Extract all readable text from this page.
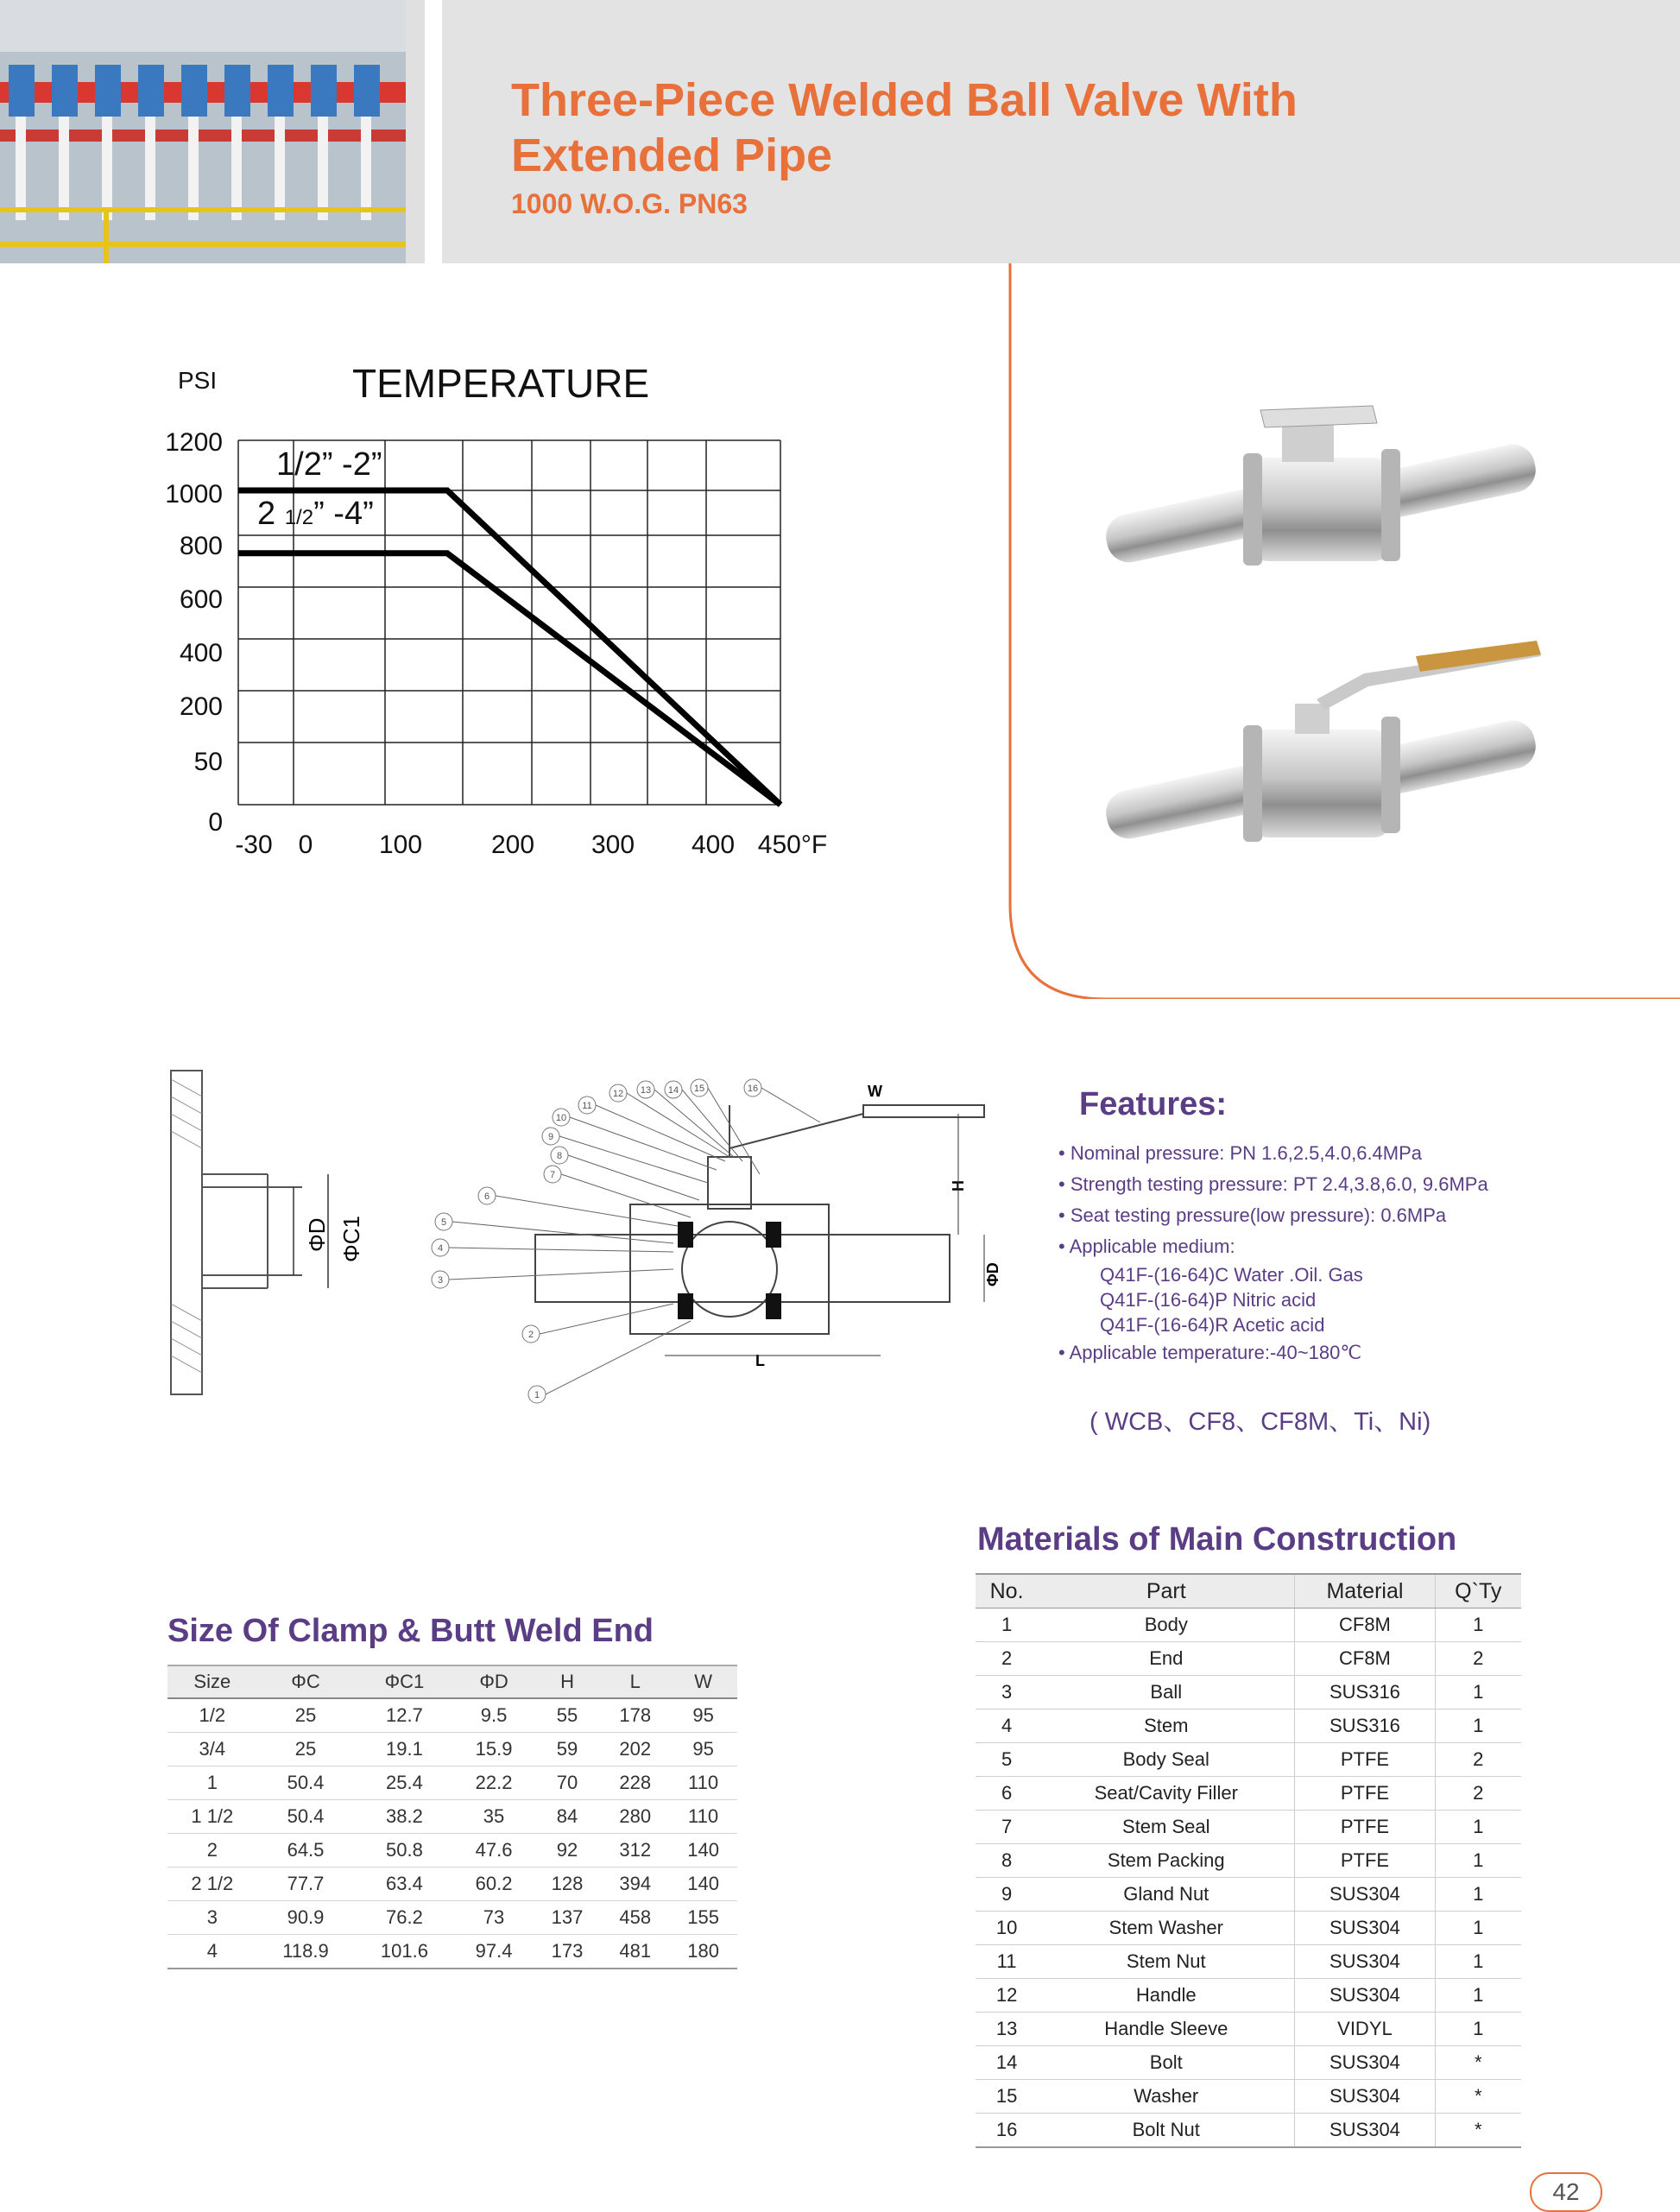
Three-Piece Welded Ball Valve With
Extended Pipe
1000 W.O.G. PN63
PSI	TEMPERATURE
1200
1000
800
600
400
200
50
0
-30 0	100	200 300 400 450°F
1/2” -2”
2 1/2” -4”
ΦD ΦC1
W
H
L
ΦD
1
2
3
4
5
6
7
8
9
10
11
12 13 14 15	16	Features:
• Nominal pressure: PN 1.6,2.5,4.0,6.4MPa
• Strength testing pressure: PT 2.4,3.8,6.0, 9.6MPa
• Seat testing pressure(low pressure): 0.6MPa
• Applicable medium:
Q41F-(16-64)C Water .Oil. Gas
Q41F-(16-64)P Nitric acid
Q41F-(16-64)R Acetic acid
• Applicable temperature:-40~180℃
( WCB、CF8、CF8M、Ti、Ni)
Size Of Clamp & Butt Weld End
Size	ΦC	ΦC1	ΦD	H	L	W
1/2	25	12.7	9.5	55	178	95
3/4	25	19.1	15.9	59	202	95
1	50.4	25.4	22.2	70	228	110
1 1/2	50.4	38.2	35	84	280	110
2	64.5	50.8	47.6	92	312	140
2 1/2	77.7	63.4	60.2	128	394	140
3	90.9	76.2	73	137	458	155
4	118.9	101.6	97.4	173	481	180
Materials of Main Construction
No.	Part	Material	Q`Ty
1	Body	CF8M	1
2	End	CF8M	2
3	Ball	SUS316	1
4	Stem	SUS316	1
5	Body Seal	PTFE	2
6	Seat/Cavity Filler	PTFE	2
7	Stem Seal	PTFE	1
8	Stem Packing	PTFE	1
9	Gland Nut	SUS304	1
10	Stem Washer	SUS304	1
11	Stem Nut	SUS304	1
12	Handle	SUS304	1
13	Handle Sleeve	VIDYL	1
14	Bolt	SUS304	*
15	Washer	SUS304	*
16	Bolt Nut	SUS304	*
42
